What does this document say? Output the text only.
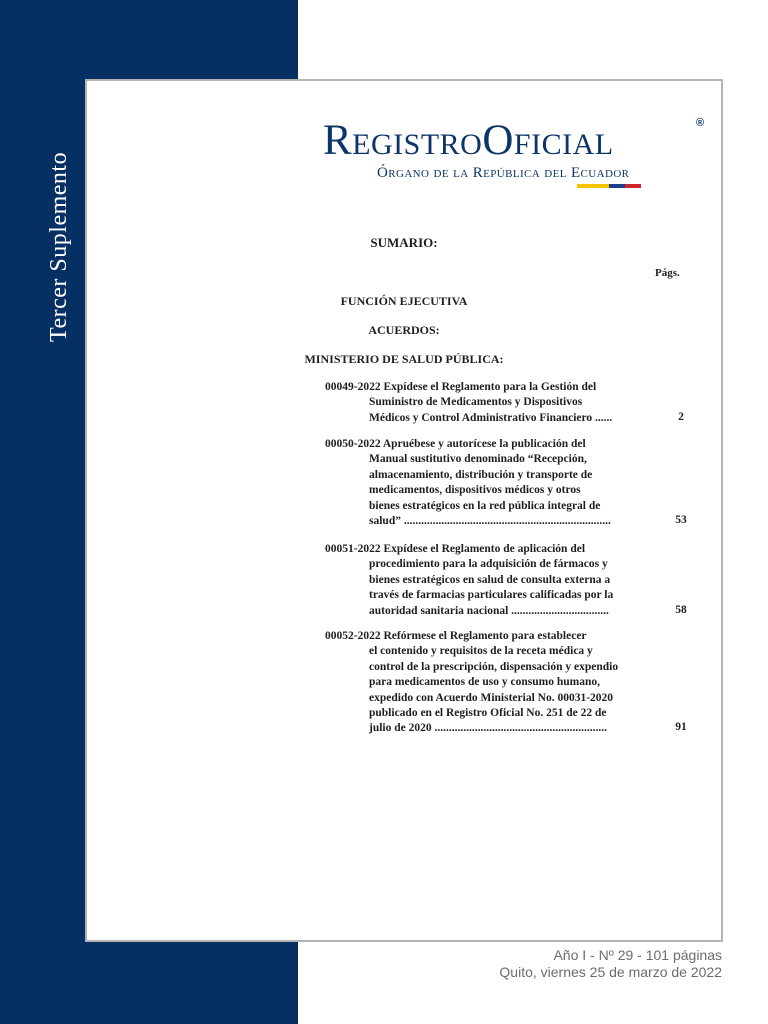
Tercer Suplemento
RegistroOficial	®
Órgano de la República del Ecuador
SUMARIO:
Págs.
FUNCIÓN EJECUTIVA
ACUERDOS:
MINISTERIO DE SALUD PÚBLICA:
00049-2022 Expídese el Reglamento para la Gestión del
Suministro de Medicamentos y Dispositivos
Médicos y Control Administrativo Financiero ......	2
00050-2022 Apruébese y autorícese la publicación del
Manual sustitutivo denominado “Recepción,
almacenamiento, distribución y transporte de
medicamentos, dispositivos médicos y otros
bienes estratégicos en la red pública integral de
salud” ........................................................................	53
00051-2022 Expídese el Reglamento de aplicación del
procedimiento para la adquisición de fármacos y
bienes estratégicos en salud de consulta externa a
través de farmacias particulares calificadas por la
autoridad sanitaria nacional ..................................	58
00052-2022 Refórmese el Reglamento para establecer
el contenido y requisitos de la receta médica y
control de la prescripción, dispensación y expendio
para medicamentos de uso y consumo humano,
expedido con Acuerdo Ministerial No. 00031-2020
publicado en el Registro Oficial No. 251 de 22 de
julio de 2020 ............................................................	91
Año I - Nº 29 - 101 páginas
Quito, viernes 25 de marzo de 2022
